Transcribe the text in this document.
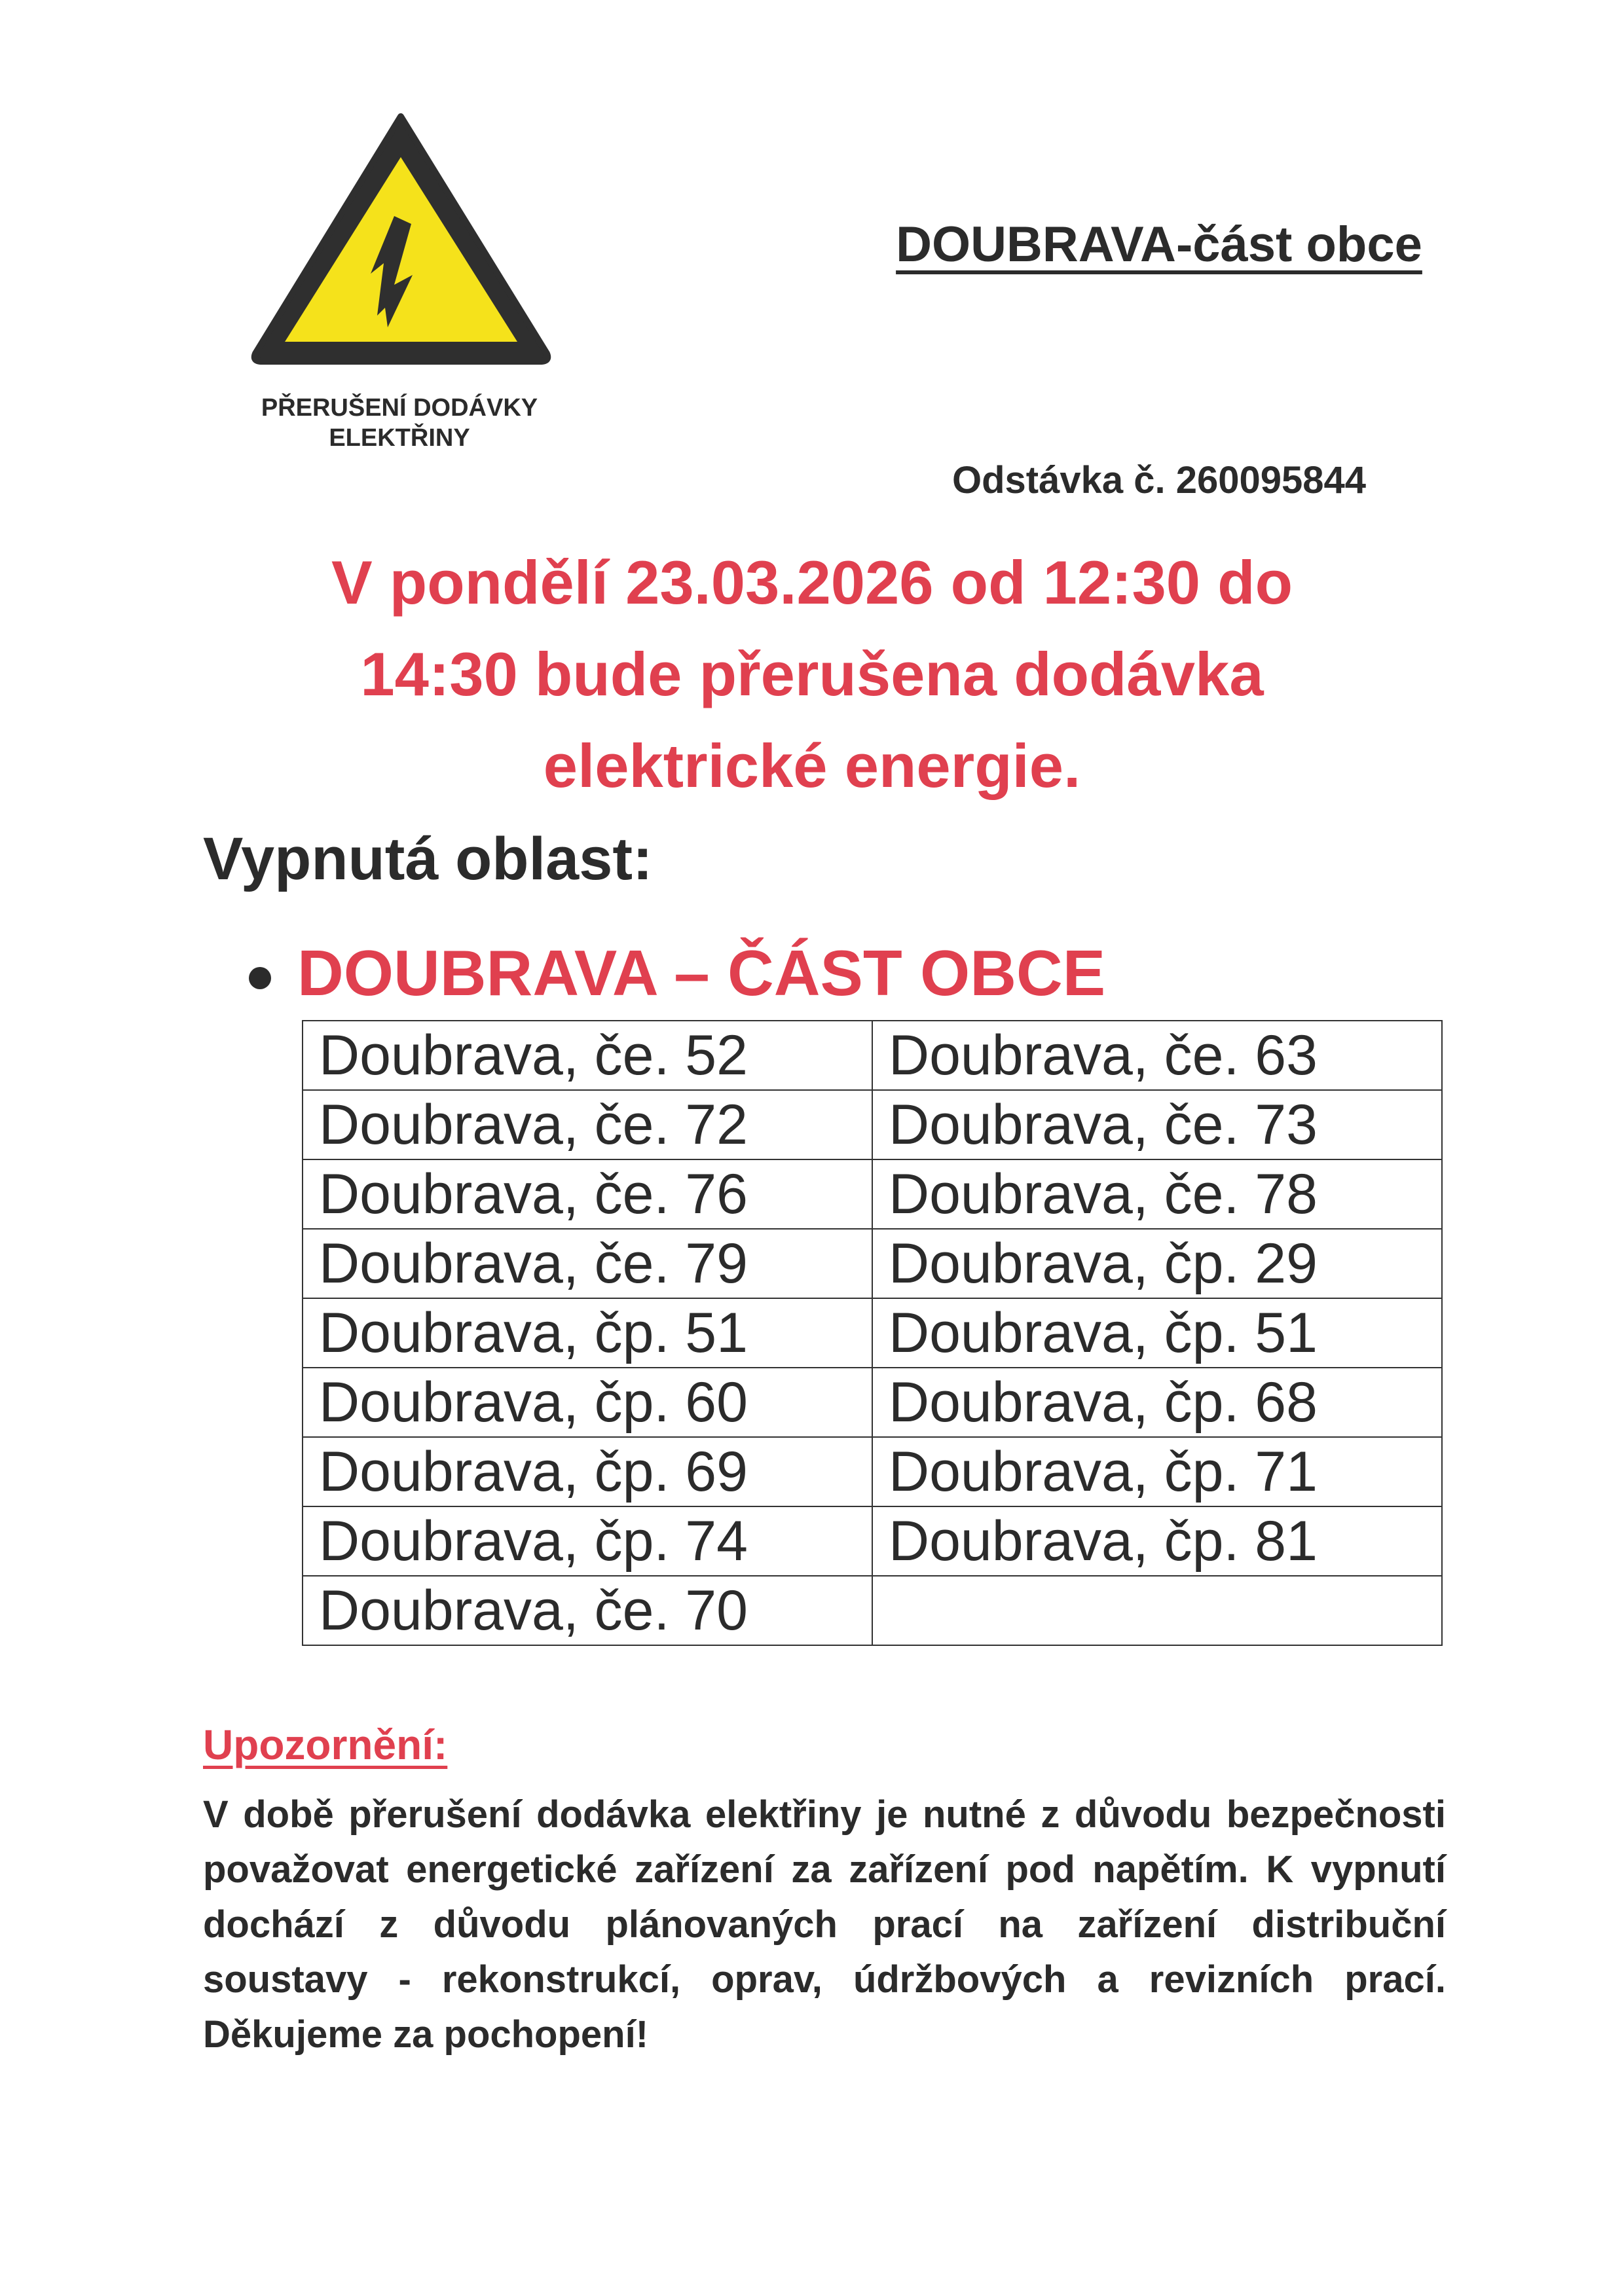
PŘERUŠENÍ DODÁVKY
ELEKTŘINY
DOUBRAVA-část obce
Odstávka č. 260095844
V pondělí 23.03.2026 od 12:30 do
14:30 bude přerušena dodávka
elektrické energie.
Vypnutá oblast:
DOUBRAVA – ČÁST OBCE
Doubrava, če. 52	Doubrava, če. 63
Doubrava, če. 72	Doubrava, če. 73
Doubrava, če. 76	Doubrava, če. 78
Doubrava, če. 79	Doubrava, čp. 29
Doubrava, čp. 51	Doubrava, čp. 51
Doubrava, čp. 60	Doubrava, čp. 68
Doubrava, čp. 69	Doubrava, čp. 71
Doubrava, čp. 74	Doubrava, čp. 81
Doubrava, če. 70	
Upozornění:
V době přerušení dodávka elektřiny je nutné z důvodu bezpečnosti považovat energetické zařízení za zařízení pod napětím. K vypnutí dochází z důvodu plánovaných prací na zařízení distribuční soustavy - rekonstrukcí, oprav, údržbových a revizních prací. Děkujeme za pochopení!
